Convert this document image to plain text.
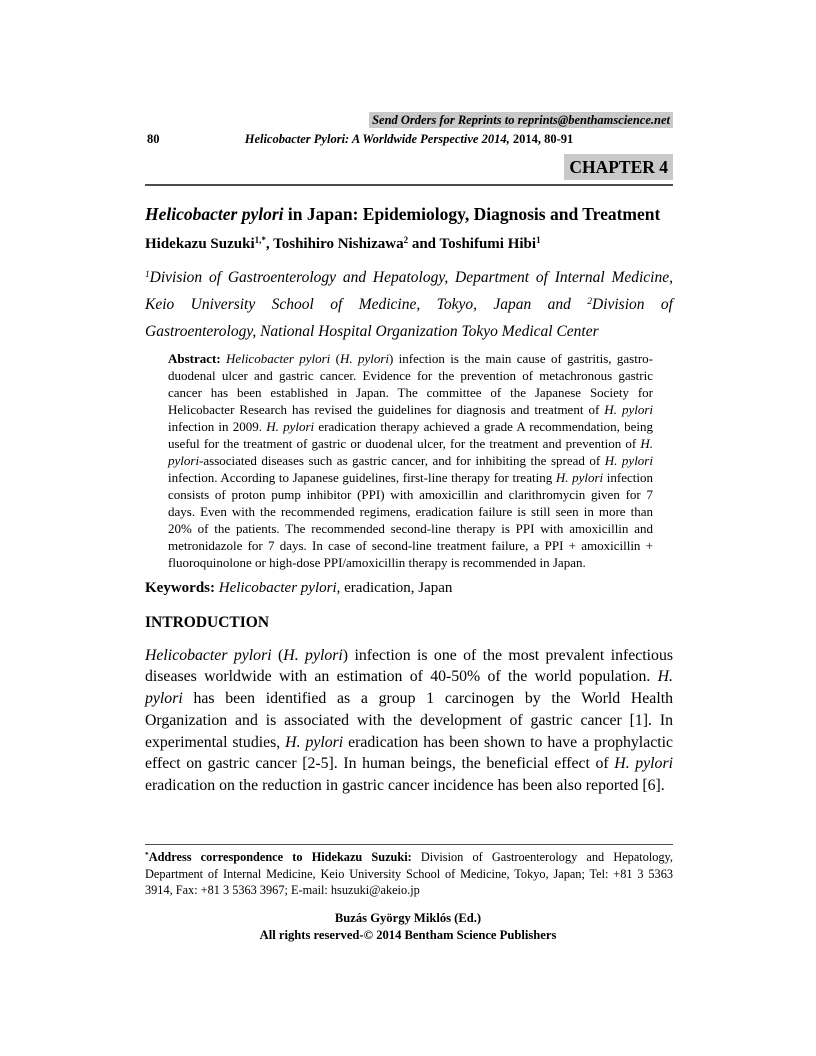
Send Orders for Reprints to reprints@benthamscience.net
80	Helicobacter Pylori: A Worldwide Perspective 2014, 2014, 80-91
CHAPTER 4
Helicobacter pylori in Japan: Epidemiology, Diagnosis and Treatment
Hidekazu Suzuki$^{1,*}$, Toshihiro Nishizawa$^2$ and Toshifumi Hibi$^1$
$^1$Division of Gastroenterology and Hepatology, Department of Internal Medicine, Keio University School of Medicine, Tokyo, Japan and $^2$Division of Gastroenterology, National Hospital Organization Tokyo Medical Center
Abstract: Helicobacter pylori (H. pylori) infection is the main cause of gastritis, gastro-duodenal ulcer and gastric cancer. Evidence for the prevention of metachronous gastric cancer has been established in Japan. The committee of the Japanese Society for Helicobacter Research has revised the guidelines for diagnosis and treatment of H. pylori infection in 2009. H. pylori eradication therapy achieved a grade A recommendation, being useful for the treatment of gastric or duodenal ulcer, for the treatment and prevention of H. pylori-associated diseases such as gastric cancer, and for inhibiting the spread of H. pylori infection. According to Japanese guidelines, first-line therapy for treating H. pylori infection consists of proton pump inhibitor (PPI) with amoxicillin and clarithromycin given for 7 days. Even with the recommended regimens, eradication failure is still seen in more than 20% of the patients. The recommended second-line therapy is PPI with amoxicillin and metronidazole for 7 days. In case of second-line treatment failure, a PPI + amoxicillin + fluoroquinolone or high-dose PPI/amoxicillin therapy is recommended in Japan.
Keywords: Helicobacter pylori, eradication, Japan
INTRODUCTION
Helicobacter pylori (H. pylori) infection is one of the most prevalent infectious diseases worldwide with an estimation of 40-50% of the world population. H. pylori has been identified as a group 1 carcinogen by the World Health Organization and is associated with the development of gastric cancer [1]. In experimental studies, H. pylori eradication has been shown to have a prophylactic effect on gastric cancer [2-5]. In human beings, the beneficial effect of H. pylori eradication on the reduction in gastric cancer incidence has been also reported [6].
*Address correspondence to Hidekazu Suzuki: Division of Gastroenterology and Hepatology, Department of Internal Medicine, Keio University School of Medicine, Tokyo, Japan; Tel: +81 3 5363 3914, Fax: +81 3 5363 3967; E-mail: hsuzuki@akeio.jp
Buzás György Miklós (Ed.)
All rights reserved-© 2014 Bentham Science Publishers
